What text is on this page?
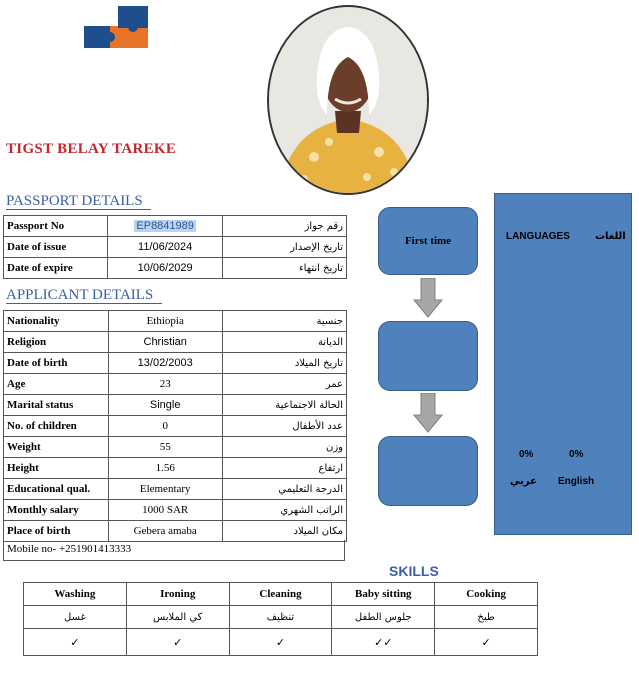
TIGST BELAY TAREKE
PASSPORT DETAILS
Passport No	EP8841989	رقم جواز
Date of issue	11/06/2024	تاريخ الإصدار
Date of expire	10/06/2029	تاريخ انتهاء
APPLICANT DETAILS
Nationality	Ethiopia	جنسية
Religion	Christian	الديانة
Date of birth	13/02/2003	تاريخ الميلاد
Age	23	عمر
Marital status	Single	الحالة الاجتماعية
No. of children	0	عدد الأطفال
Weight	55	وزن
Height	1.56	ارتفاع
Educational qual.	Elementary	الدرجة التعليمي
Monthly salary	1000 SAR	الراتب الشهري
Place of birth	Gebera amaba	مكان الميلاد
Mobile no- +251901413333
First time	LANGUAGES	اللغات
0%	0%
عربي English
SKILLS
Washing	Ironing	Cleaning	Baby sitting	Cooking
غسل	كي الملابس	تنظيف	جلوس الطفل	طبخ
✓	✓	✓	✓✓	✓
